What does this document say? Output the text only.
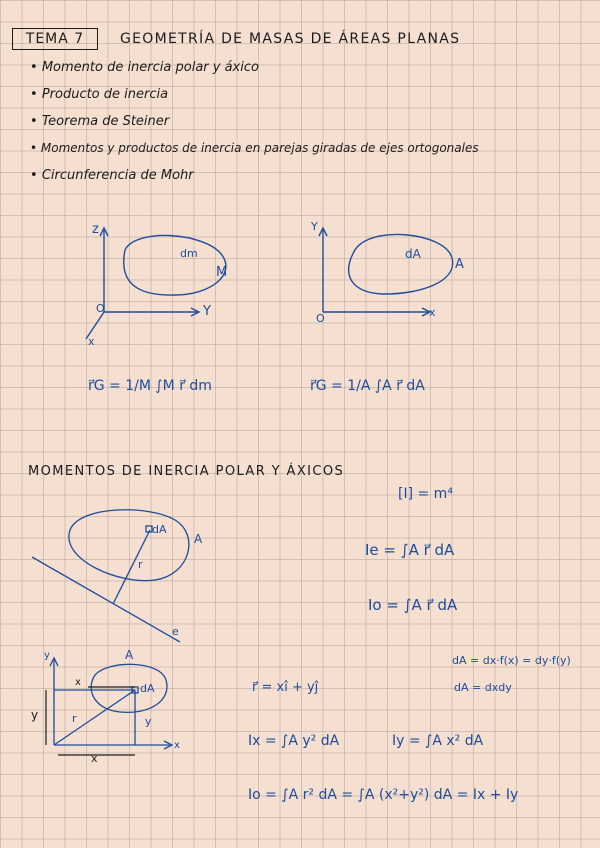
TEMA 7	GEOMETRÍA DE MASAS DE ÁREAS PLANAS
• Momento de inercia polar y áxico
• Producto de inercia
• Teorema de Steiner
• Momentos y productos de inercia en parejas giradas de ejes ortogonales
• Circunferencia de Mohr
z
Y
x
O
dm
M
Y
x
O
dA
A
r⃗G = 1/M ∫M r⃗ dm	r⃗G = 1/A ∫A r⃗ dA
MOMENTOS DE INERCIA POLAR Y ÁXICOS
[I] = m⁴
Ie = ∫A r⃗ dA
Io = ∫A r⃗ dA
dA
A
r
e
A
dA
x
y	r	y
x
y
x
dA = dx·f(x) = dy·f(y)
dA = dxdy
r⃗ = xî + yĵ
Ix = ∫A y² dA	Iy = ∫A x² dA
Io = ∫A r² dA = ∫A (x²+y²) dA = Ix + Iy
